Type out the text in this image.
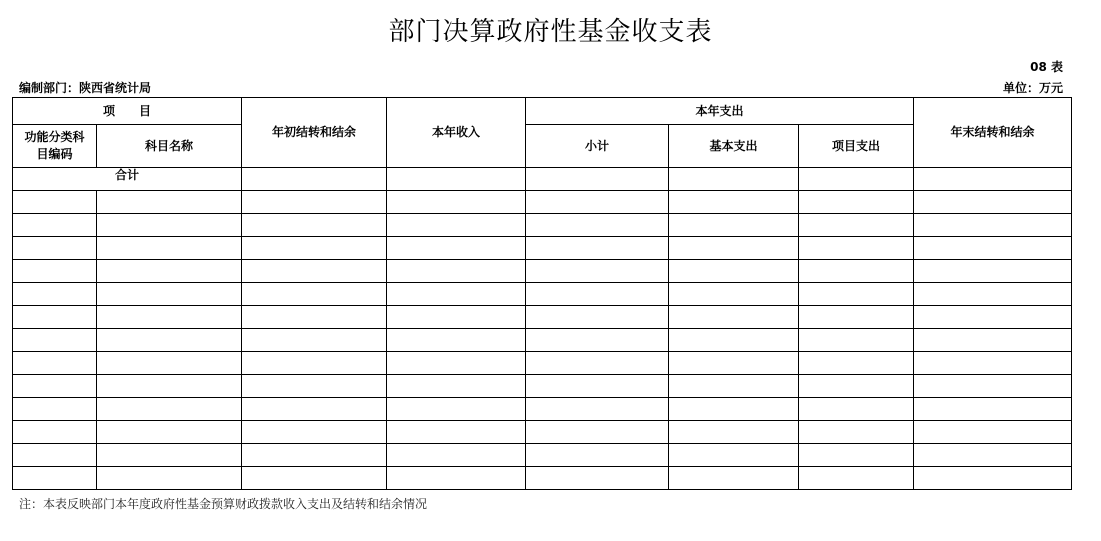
部门决算政府性基金收支表
08 表
编制部门：陕西省统计局	单位：万元
项　　目		年初结转和结余	本年收入	本年支出			年末结转和结余
功能分类科目编码	科目名称			小计	基本支出	项目支出	
合计							

注：本表反映部门本年度政府性基金预算财政拨款收入支出及结转和结余情况
